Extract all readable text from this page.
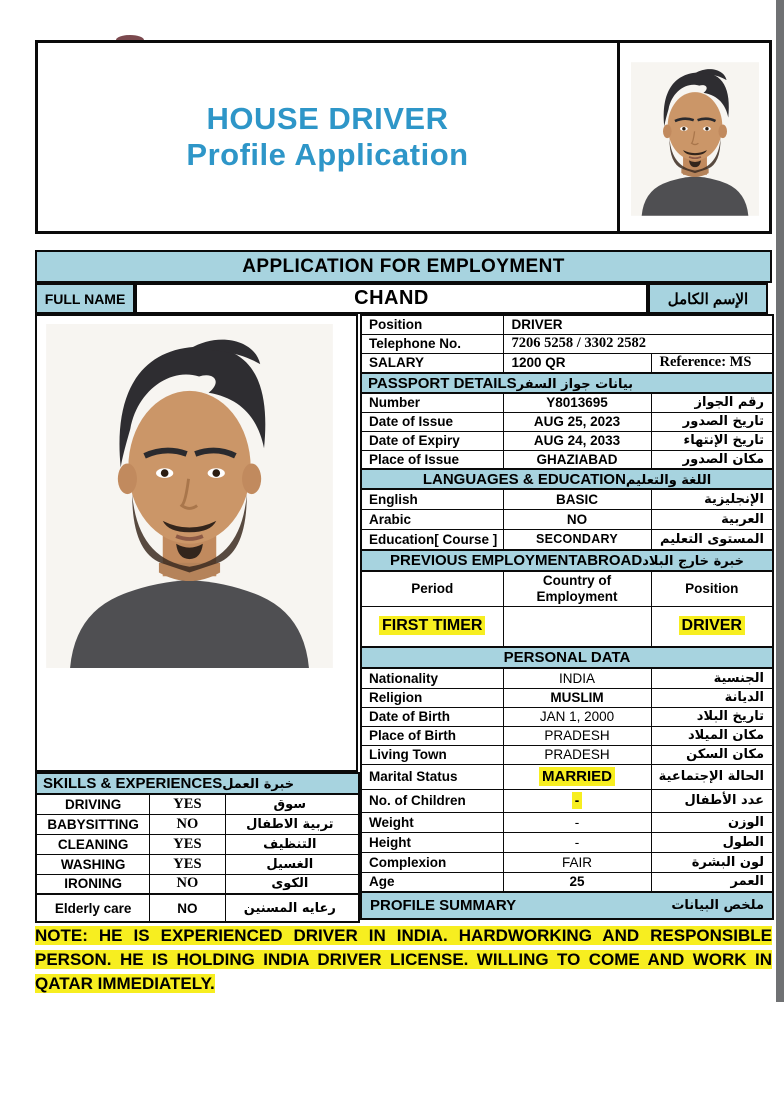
HOUSE DRIVER
Profile Application
APPLICATION FOR EMPLOYMENT
FULL NAME	CHAND	الإسم الكامل
Position	DRIVER	
Telephone No.	7206 5258 / 3302 2582	
SALARY	1200 QR	Reference: MS
PASSPORT DETAILSبيانات جواز السفر		
Number	Y8013695	رقم الجواز
Date of Issue	AUG 25, 2023	تاريخ الصدور
Date of Expiry	AUG 24, 2033	تاريخ الإنتهاء
Place of Issue	GHAZIABAD	مكان الصدور
LANGUAGES & EDUCATIONاللغة والتعليم		
English	BASIC	الإنجليزية
Arabic	NO	العربية
Education[ Course ]	SECONDARY	المستوى التعليم
PREVIOUS EMPLOYMENTABROADخبرة خارج البلاد		
Period	Country of Employment	Position
FIRST TIMER		DRIVER
PERSONAL DATA		
Nationality	INDIA	الجنسية
Religion	MUSLIM	الديانة
Date of Birth	JAN 1, 2000	تاريخ البلاد
Place of Birth	PRADESH	مكان الميلاد
Living Town	PRADESH	مكان السكن
Marital Status	MARRIED	الحالة الإجتماعية
No. of Children	-	عدد الأطفال
Weight	-	الوزن
Height	-	الطول
Complexion	FAIR	لون البشرة
Age	25	العمر

PROFILE SUMMARY ملخص البيانات		
SKILLS & EXPERIENCESخبرة العمل		
DRIVING	YES	سوق
BABYSITTING	NO	تربية الاطفال
CLEANING	YES	التنظيف
WASHING	YES	الغسيل
IRONING	NO	الكوى
Elderly care	NO	رعايه المسنين
NOTE: HE IS EXPERIENCED DRIVER IN INDIA. HARDWORKING AND RESPONSIBLE PERSON. HE IS HOLDING INDIA DRIVER LICENSE. WILLING TO COME AND WORK IN QATAR IMMEDIATELY.
